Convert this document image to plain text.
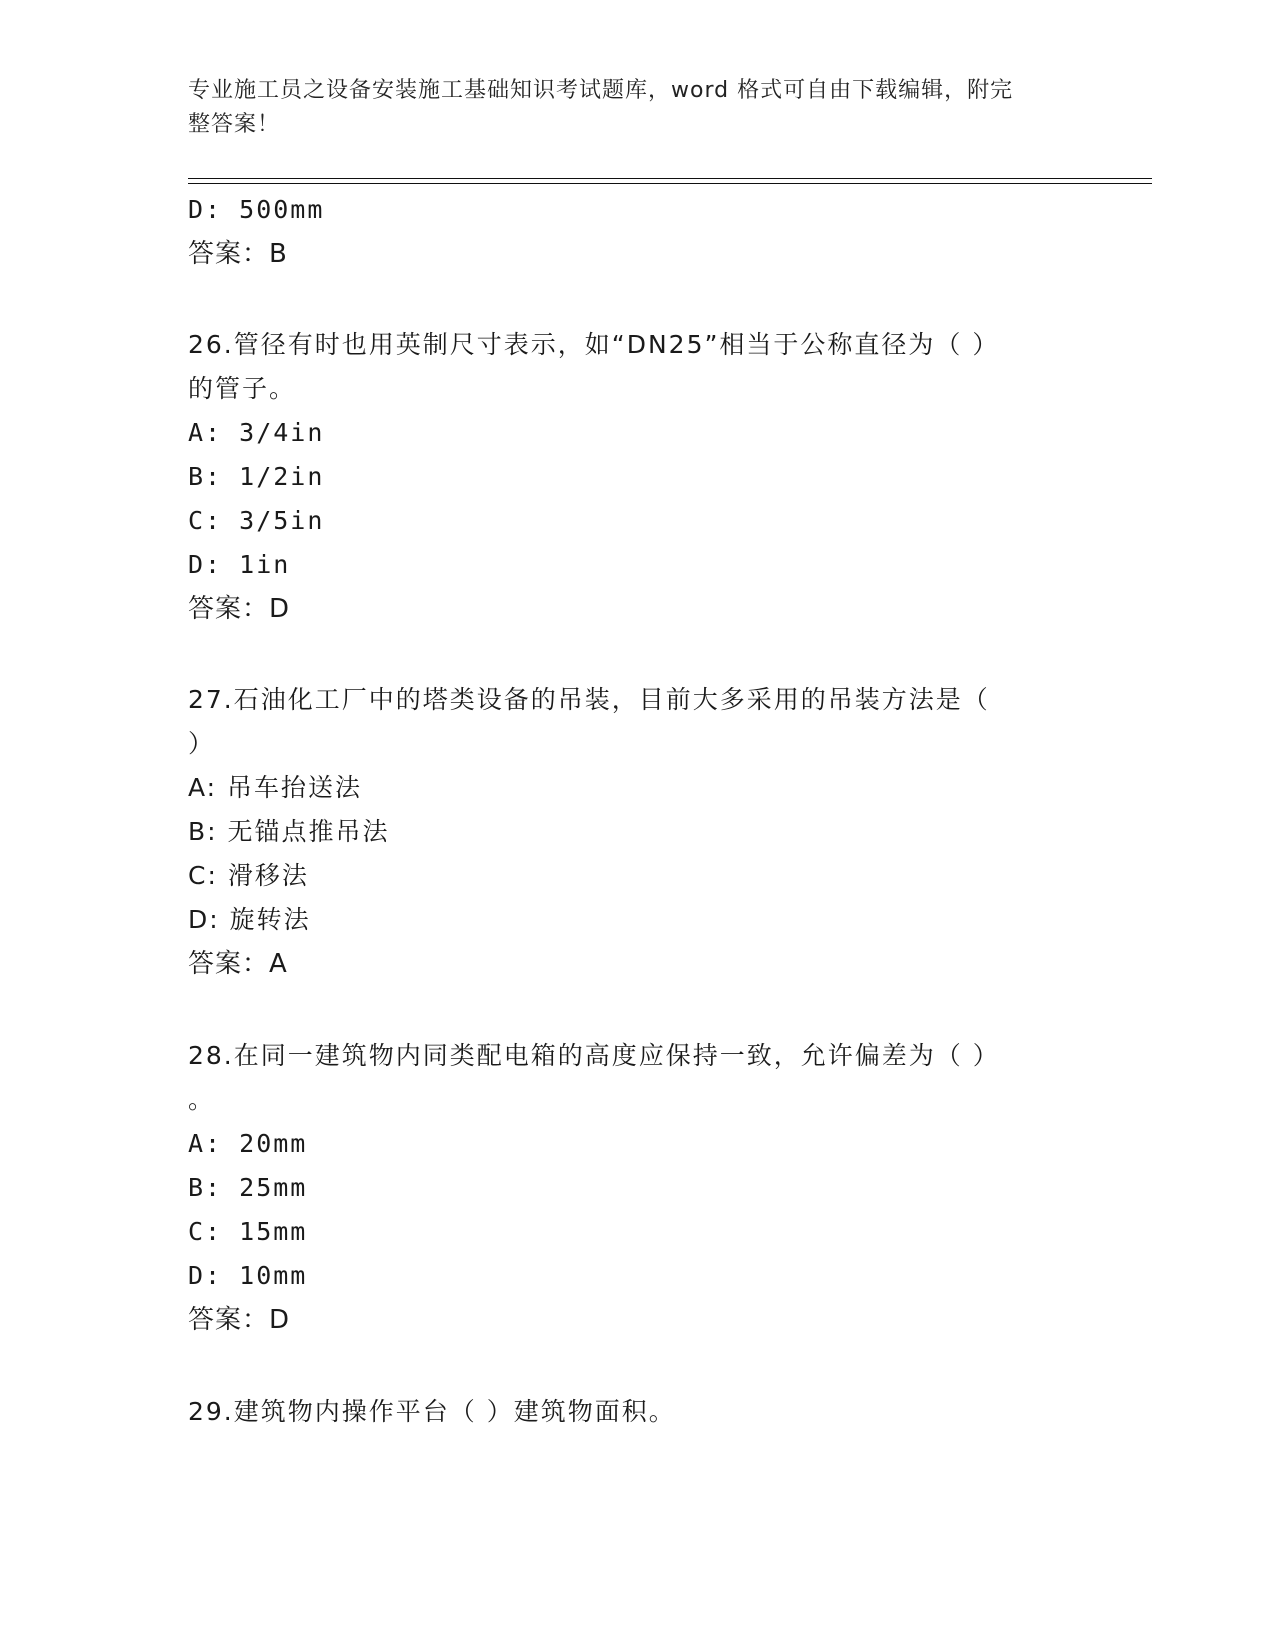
专业施工员之设备安装施工基础知识考试题库，word 格式可自由下载编辑，附完
整答案！
D: 500mm
答案：B
26.管径有时也用英制尺寸表示，如“DN25”相当于公称直径为（ ）
的管子。
A: 3/4in
B: 1/2in
C: 3/5in
D: 1in
答案：D
27.石油化工厂中的塔类设备的吊装，目前大多采用的吊装方法是（
）
A: 吊车抬送法
B: 无锚点推吊法
C: 滑移法
D: 旋转法
答案：A
28.在同一建筑物内同类配电箱的高度应保持一致，允许偏差为（ ）
。
A: 20mm
B: 25mm
C: 15mm
D: 10mm
答案：D
29.建筑物内操作平台（ ）建筑物面积。
